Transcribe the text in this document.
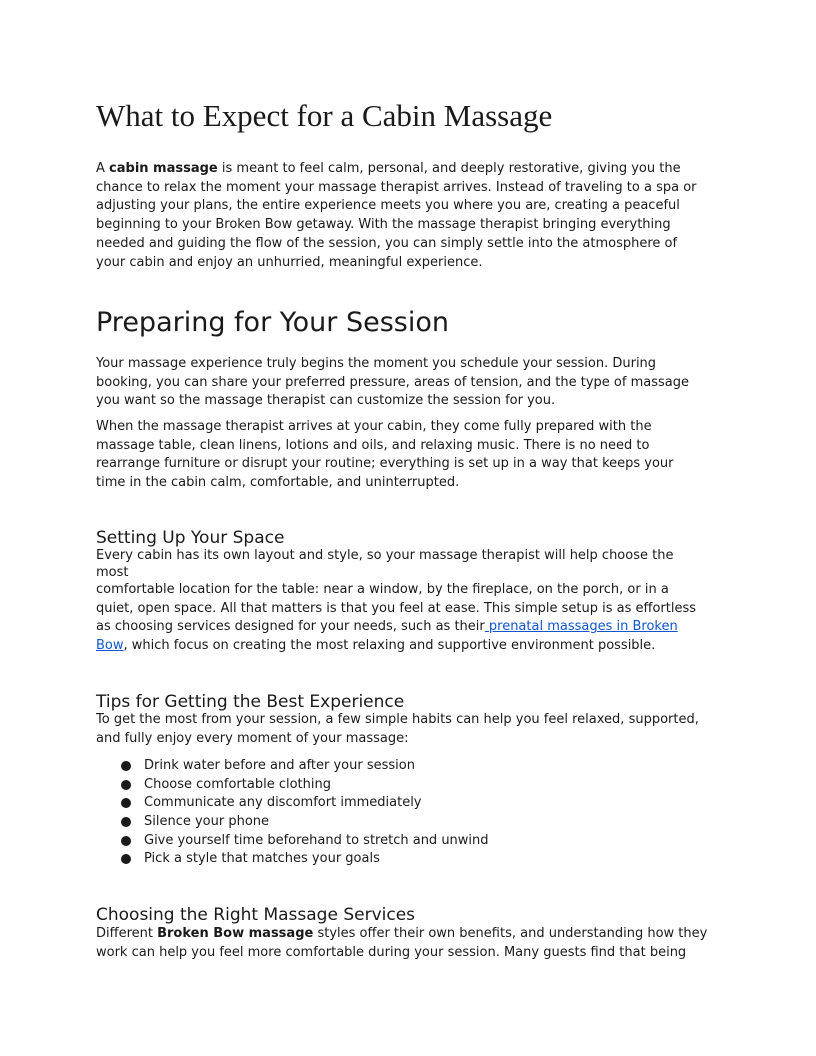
What to Expect for a Cabin Massage
A cabin massage is meant to feel calm, personal, and deeply restorative, giving you the
chance to relax the moment your massage therapist arrives. Instead of traveling to a spa or
adjusting your plans, the entire experience meets you where you are, creating a peaceful
beginning to your Broken Bow getaway. With the massage therapist bringing everything
needed and guiding the flow of the session, you can simply settle into the atmosphere of
your cabin and enjoy an unhurried, meaningful experience.
Preparing for Your Session
Your massage experience truly begins the moment you schedule your session. During
booking, you can share your preferred pressure, areas of tension, and the type of massage
you want so the massage therapist can customize the session for you.
When the massage therapist arrives at your cabin, they come fully prepared with the
massage table, clean linens, lotions and oils, and relaxing music. There is no need to
rearrange furniture or disrupt your routine; everything is set up in a way that keeps your
time in the cabin calm, comfortable, and uninterrupted.
Setting Up Your Space
Every cabin has its own layout and style, so your massage therapist will help choose the
most
comfortable location for the table: near a window, by the fireplace, on the porch, or in a
quiet, open space. All that matters is that you feel at ease. This simple setup is as effortless
as choosing services designed for your needs, such as their prenatal massages in Broken
Bow, which focus on creating the most relaxing and supportive environment possible.
Tips for Getting the Best Experience
To get the most from your session, a few simple habits can help you feel relaxed, supported,
and fully enjoy every moment of your massage:
Drink water before and after your session
Choose comfortable clothing
Communicate any discomfort immediately
Silence your phone
Give yourself time beforehand to stretch and unwind
Pick a style that matches your goals
Choosing the Right Massage Services
Different Broken Bow massage styles offer their own benefits, and understanding how they
work can help you feel more comfortable during your session. Many guests find that being
